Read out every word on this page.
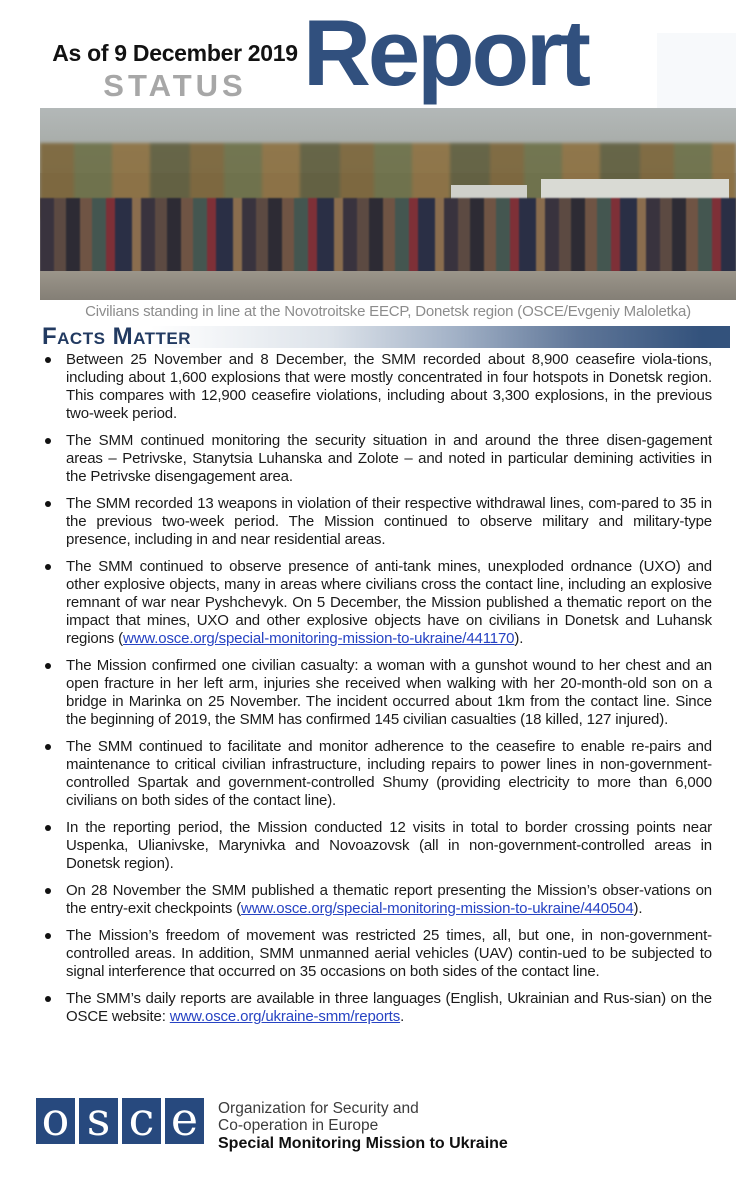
As of 9 December 2019
STATUS Report
Civilians standing in line at the Novotroitske EECP, Donetsk region (OSCE/Evgeniy Maloletka)
Facts Matter
Between 25 November and 8 December, the SMM recorded about 8,900 ceasefire viola-tions, including about 1,600 explosions that were mostly concentrated in four hotspots in Donetsk region. This compares with 12,900 ceasefire violations, including about 3,300 explosions, in the previous two-week period.
The SMM continued monitoring the security situation in and around the three disen-gagement areas – Petrivske, Stanytsia Luhanska and Zolote – and noted in particular demining activities in the Petrivske disengagement area.
The SMM recorded 13 weapons in violation of their respective withdrawal lines, com-pared to 35 in the previous two-week period. The Mission continued to observe military and military-type presence, including in and near residential areas.
The SMM continued to observe presence of anti-tank mines, unexploded ordnance (UXO) and other explosive objects, many in areas where civilians cross the contact line, including an explosive remnant of war near Pyshchevyk. On 5 December, the Mission published a thematic report on the impact that mines, UXO and other explosive objects have on civilians in Donetsk and Luhansk regions (www.osce.org/special-monitoring-mission-to-ukraine/441170).
The Mission confirmed one civilian casualty: a woman with a gunshot wound to her chest and an open fracture in her left arm, injuries she received when walking with her 20-month-old son on a bridge in Marinka on 25 November. The incident occurred about 1km from the contact line. Since the beginning of 2019, the SMM has confirmed 145 civilian casualties (18 killed, 127 injured).
The SMM continued to facilitate and monitor adherence to the ceasefire to enable re-pairs and maintenance to critical civilian infrastructure, including repairs to power lines in non-government-controlled Spartak and government-controlled Shumy (providing electricity to more than 6,000 civilians on both sides of the contact line).
In the reporting period, the Mission conducted 12 visits in total to border crossing points near Uspenka, Ulianivske, Marynivka and Novoazovsk (all in non-government-controlled areas in Donetsk region).
On 28 November the SMM published a thematic report presenting the Mission’s obser-vations on the entry-exit checkpoints (www.osce.org/special-monitoring-mission-to-ukraine/440504).
The Mission’s freedom of movement was restricted 25 times, all, but one, in non-government-controlled areas. In addition, SMM unmanned aerial vehicles (UAV) contin-ued to be subjected to signal interference that occurred on 35 occasions on both sides of the contact line.
The SMM’s daily reports are available in three languages (English, Ukrainian and Rus-sian) on the OSCE website: www.osce.org/ukraine-smm/reports.
o s c e	Organization for Security and
Co-operation in Europe
Special Monitoring Mission to Ukraine
